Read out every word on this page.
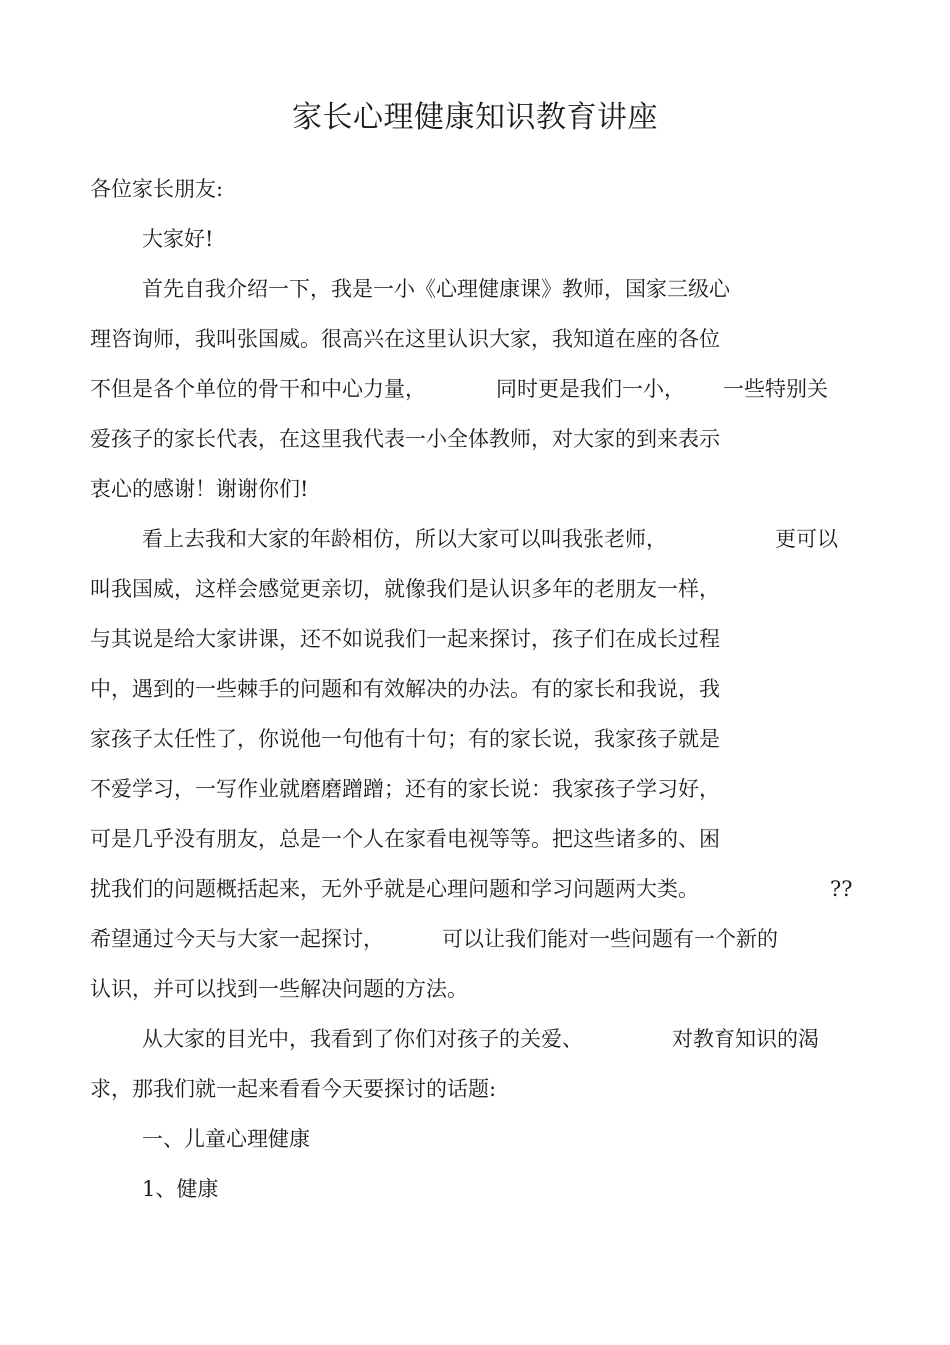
家长心理健康知识教育讲座
各位家长朋友:
大家好!
首先自我介绍一下，我是一小《心理健康课》教师，国家三级心
理咨询师，我叫张国威。很高兴在这里认识大家，我知道在座的各位
不但是各个单位的骨干和中心力量，	同时更是我们一小， 一些特别关
爱孩子的家长代表，在这里我代表一小全体教师，对大家的到来表示
衷心的感谢！谢谢你们!
看上去我和大家的年龄相仿，所以大家可以叫我张老师，	更可以
叫我国威，这样会感觉更亲切，就像我们是认识多年的老朋友一样，
与其说是给大家讲课，还不如说我们一起来探讨，孩子们在成长过程
中，遇到的一些棘手的问题和有效解决的办法。有的家长和我说，我
家孩子太任性了，你说他一句他有十句；有的家长说，我家孩子就是
不爱学习，一写作业就磨磨蹭蹭；还有的家长说：我家孩子学习好，
可是几乎没有朋友，总是一个人在家看电视等等。把这些诸多的、困
扰我们的问题概括起来，无外乎就是心理问题和学习问题两大类。	??
希望通过今天与大家一起探讨，	可以让我们能对一些问题有一个新的
认识，并可以找到一些解决问题的方法。
从大家的目光中，我看到了你们对孩子的关爱、	对教育知识的渴
求，那我们就一起来看看今天要探讨的话题:
一、儿童心理健康
1、健康
